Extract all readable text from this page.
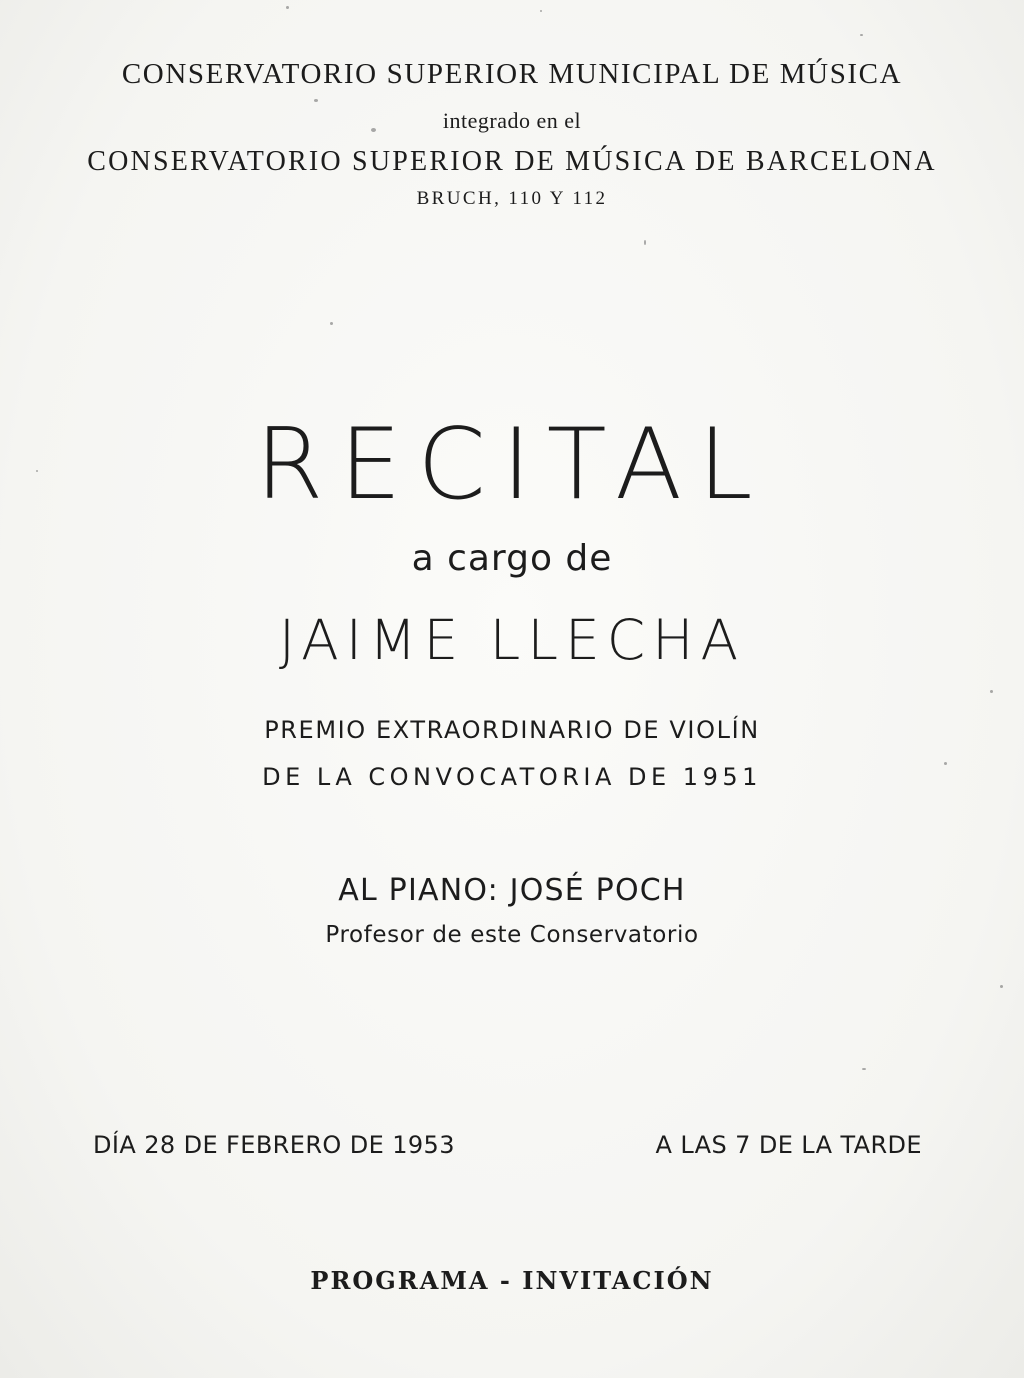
CONSERVATORIO SUPERIOR MUNICIPAL DE MÚSICA
integrado en el
CONSERVATORIO SUPERIOR DE MÚSICA DE BARCELONA
BRUCH, 110 Y 112
RECITAL
a cargo de
JAIME LLECHA
PREMIO EXTRAORDINARIO DE VIOLÍN
DE LA CONVOCATORIA DE 1951
AL PIANO: JOSÉ POCH
Profesor de este Conservatorio
DÍA 28 DE FEBRERO DE 1953	A LAS 7 DE LA TARDE
PROGRAMA - INVITACIÓN
